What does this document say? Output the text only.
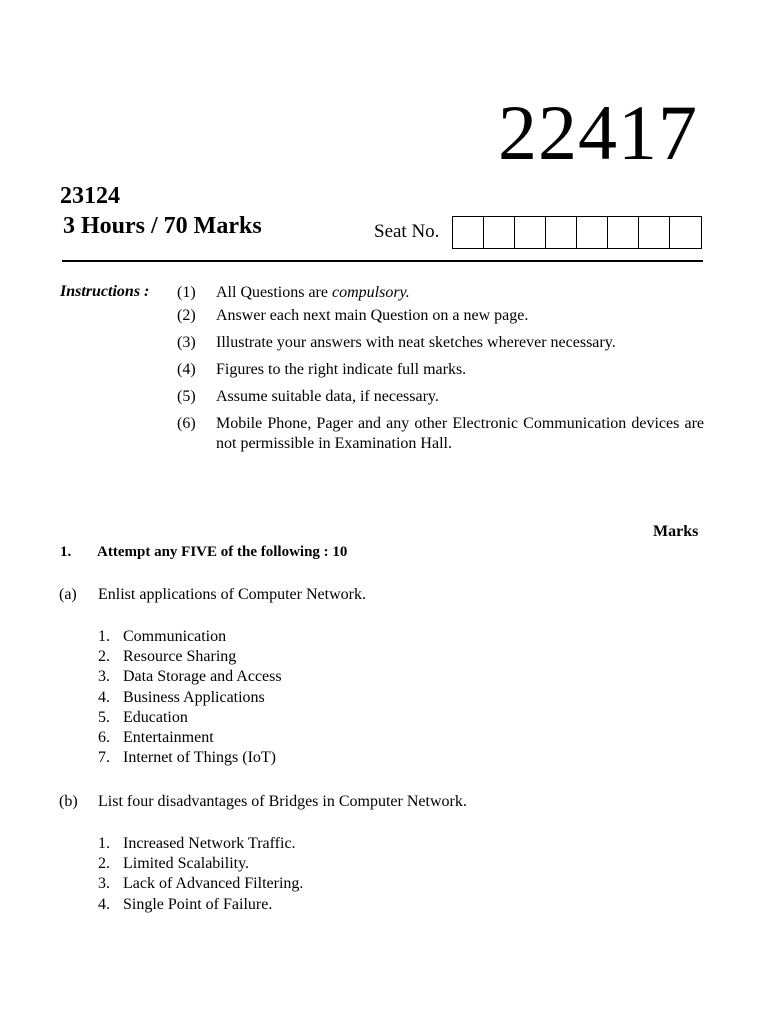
22417
23124
3 Hours / 70 Marks	Seat No.
Instructions : (1)	All Questions are compulsory.
(2)	Answer each next main Question on a new page.
(3)	Illustrate your answers with neat sketches wherever necessary.
(4)	Figures to the right indicate full marks.
(5)	Assume suitable data, if necessary.
(6)	Mobile Phone, Pager and any other Electronic Communication devices are not permissible in Examination Hall.
Marks
1. Attempt any FIVE of the following : 10
(a) Enlist applications of Computer Network.
1. Communication
2. Resource Sharing
3. Data Storage and Access
4. Business Applications
5. Education
6. Entertainment
7. Internet of Things (IoT)
(b) List four disadvantages of Bridges in Computer Network.
1. Increased Network Traffic.
2. Limited Scalability.
3. Lack of Advanced Filtering.
4. Single Point of Failure.
